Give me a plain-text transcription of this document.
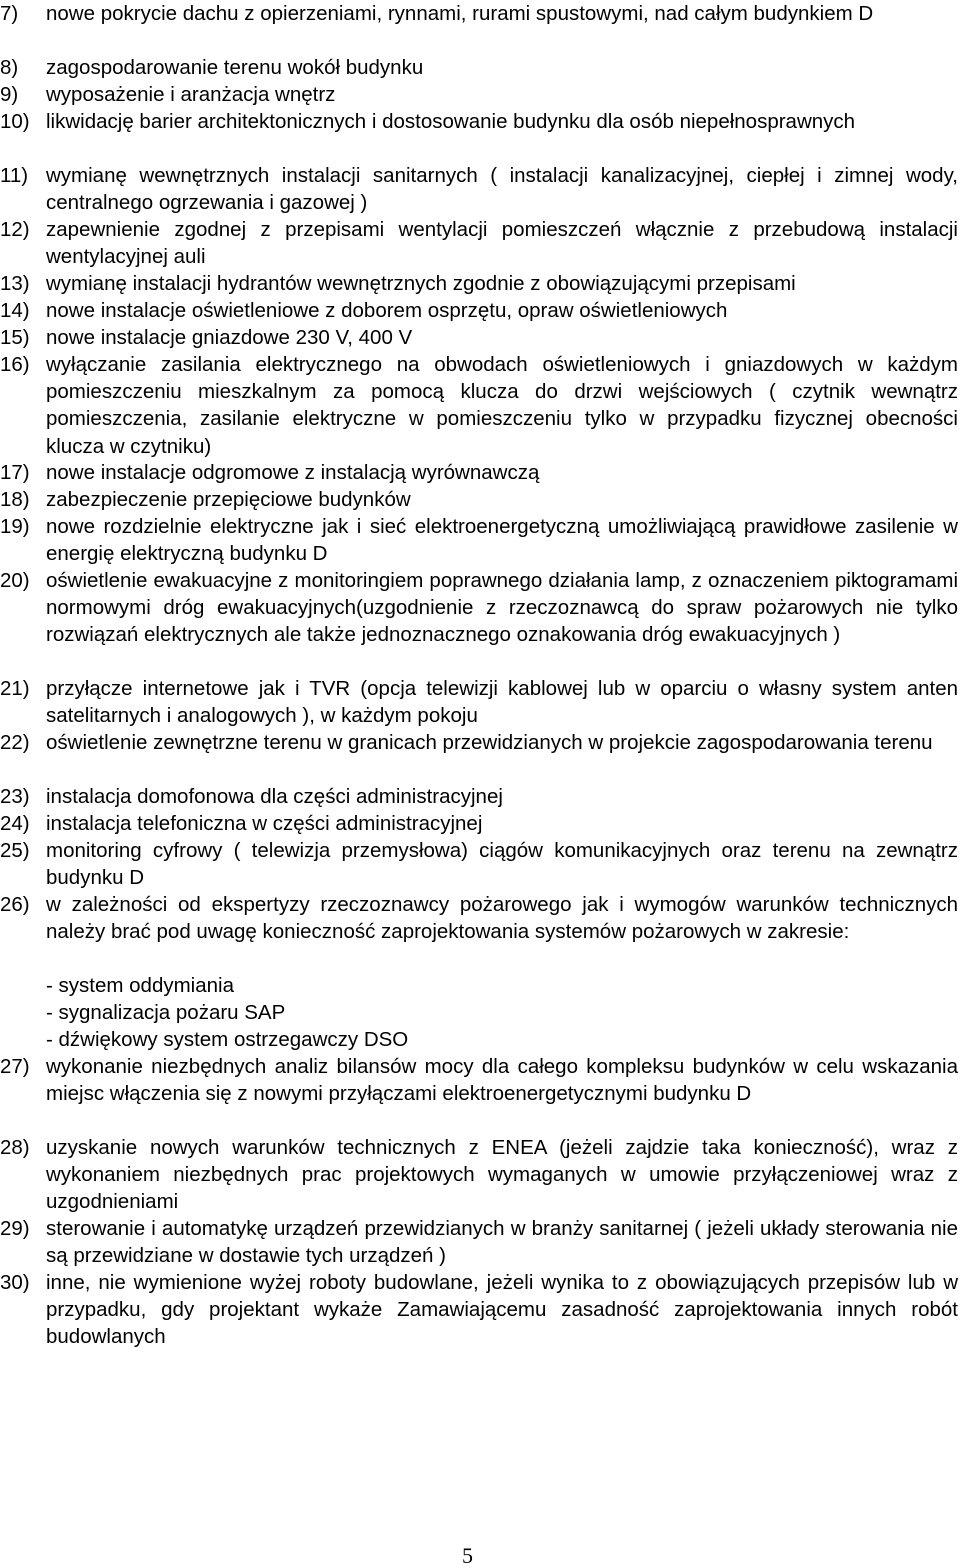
7) nowe pokrycie dachu z opierzeniami, rynnami, rurami spustowymi, nad całym budynkiem D
8) zagospodarowanie terenu wokół budynku
9) wyposażenie i aranżacja wnętrz
10) likwidację barier architektonicznych i dostosowanie budynku dla osób niepełnosprawnych
11) wymianę wewnętrznych instalacji sanitarnych ( instalacji kanalizacyjnej, ciepłej i zimnej wody, centralnego ogrzewania i gazowej )
12) zapewnienie zgodnej z przepisami wentylacji pomieszczeń włącznie z przebudową instalacji wentylacyjnej auli
13) wymianę instalacji hydrantów wewnętrznych zgodnie z obowiązującymi przepisami
14) nowe instalacje oświetleniowe z doborem osprzętu, opraw oświetleniowych
15) nowe instalacje gniazdowe 230 V, 400 V
16) wyłączanie zasilania elektrycznego na obwodach oświetleniowych i gniazdowych w każdym pomieszczeniu mieszkalnym za pomocą klucza do drzwi wejściowych ( czytnik wewnątrz pomieszczenia, zasilanie elektryczne w pomieszczeniu tylko w przypadku fizycznej obecności klucza w czytniku)
17) nowe instalacje odgromowe z instalacją wyrównawczą
18) zabezpieczenie przepięciowe budynków
19) nowe rozdzielnie elektryczne jak i sieć elektroenergetyczną umożliwiającą prawidłowe zasilenie w energię elektryczną budynku D
20) oświetlenie ewakuacyjne z monitoringiem poprawnego działania lamp, z oznaczeniem piktogramami normowymi dróg ewakuacyjnych(uzgodnienie z rzeczoznawcą do spraw pożarowych nie tylko rozwiązań elektrycznych ale także jednoznacznego oznakowania dróg ewakuacyjnych )
21) przyłącze internetowe jak i TVR (opcja telewizji kablowej lub w oparciu o własny system anten satelitarnych i analogowych ), w każdym pokoju
22) oświetlenie zewnętrzne terenu w granicach przewidzianych w projekcie zagospodarowania terenu
23) instalacja domofonowa dla części administracyjnej
24) instalacja telefoniczna w części administracyjnej
25) monitoring cyfrowy ( telewizja przemysłowa) ciągów komunikacyjnych oraz terenu na zewnątrz budynku D
26) w zależności od ekspertyzy rzeczoznawcy pożarowego jak i wymogów warunków technicznych należy brać pod uwagę konieczność zaprojektowania systemów pożarowych w zakresie:
- system oddymiania
- sygnalizacja pożaru SAP
- dźwiękowy system ostrzegawczy DSO
27) wykonanie niezbędnych analiz bilansów mocy dla całego kompleksu budynków w celu wskazania miejsc włączenia się z nowymi przyłączami elektroenergetycznymi budynku D
28) uzyskanie nowych warunków technicznych z ENEA (jeżeli zajdzie taka konieczność), wraz z wykonaniem niezbędnych prac projektowych wymaganych w umowie przyłączeniowej wraz z uzgodnieniami
29) sterowanie i automatykę urządzeń przewidzianych w branży sanitarnej ( jeżeli układy sterowania nie są przewidziane w dostawie tych urządzeń )
30) inne, nie wymienione wyżej roboty budowlane, jeżeli wynika to z obowiązujących przepisów lub w przypadku, gdy projektant wykaże Zamawiającemu zasadność zaprojektowania innych robót budowlanych
5
